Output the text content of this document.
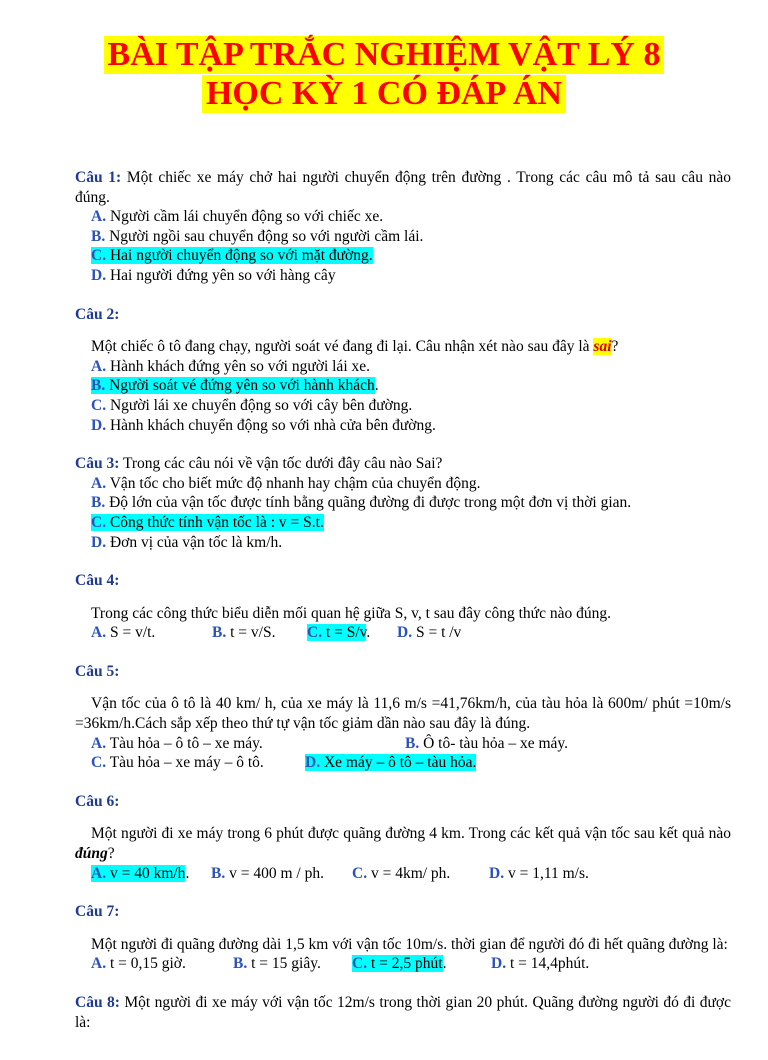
BÀI TẬP TRẮC NGHIỆM VẬT LÝ 8
HỌC KỲ 1 CÓ ĐÁP ÁN
Câu 1: Một chiếc xe máy chở hai người chuyển động trên đường . Trong các câu mô tả sau câu nào đúng.
A. Người cầm lái chuyển động so với chiếc xe.
B. Người ngồi sau chuyển động so với người cầm lái.
C. Hai người chuyển động so với mặt đường.
D. Hai người đứng yên so với hàng cây
Câu 2:
Một chiếc ô tô đang chạy, người soát vé đang đi lại. Câu nhận xét nào sau đây là sai?
A. Hành khách đứng yên so với người lái xe.
B. Người soát vé đứng yên so với hành khách.
C. Người lái xe chuyển động so với cây bên đường.
D. Hành khách chuyển động so với nhà cửa bên đường.
Câu 3: Trong các câu nói về vận tốc dưới đây câu nào Sai?
A. Vận tốc cho biết mức độ nhanh hay chậm của chuyển động.
B. Độ lớn của vận tốc được tính bằng quãng đường đi được trong một đơn vị thời gian.
C. Công thức tính vận tốc là : v = S.t.
D. Đơn vị của vận tốc là km/h.
Câu 4:
Trong các công thức biểu diễn mối quan hệ giữa S, v, t sau đây công thức nào đúng.
A. S = v/t.	B. t = v/S.	C. t = S/v.	D. S = t /v
Câu 5:
Vận tốc của ô tô là 40 km/ h, của xe máy là 11,6 m/s =41,76km/h, của tàu hỏa là 600m/ phút =10m/s =36km/h.Cách sắp xếp theo thứ tự vận tốc giảm dần nào sau đây là đúng.
A. Tàu hỏa – ô tô – xe máy.	B. Ô tô- tàu hỏa – xe máy.
C. Tàu hỏa – xe máy – ô tô.	D. Xe máy – ô tô – tàu hỏa.
Câu 6:
Một người đi xe máy trong 6 phút được quãng đường 4 km. Trong các kết quả vận tốc sau kết quả nào đúng?
A. v = 40 km/h.	B. v = 400 m / ph.	C. v = 4km/ ph.	D. v = 1,11 m/s.
Câu 7:
Một người đi quãng đường dài 1,5 km với vận tốc 10m/s. thời gian để người đó đi hết quãng đường là:
A. t = 0,15 giờ.	B. t = 15 giây.	C. t = 2,5 phút.	D. t = 14,4phút.
Câu 8: Một người đi xe máy với vận tốc 12m/s trong thời gian 20 phút. Quãng đường người đó đi được là:
